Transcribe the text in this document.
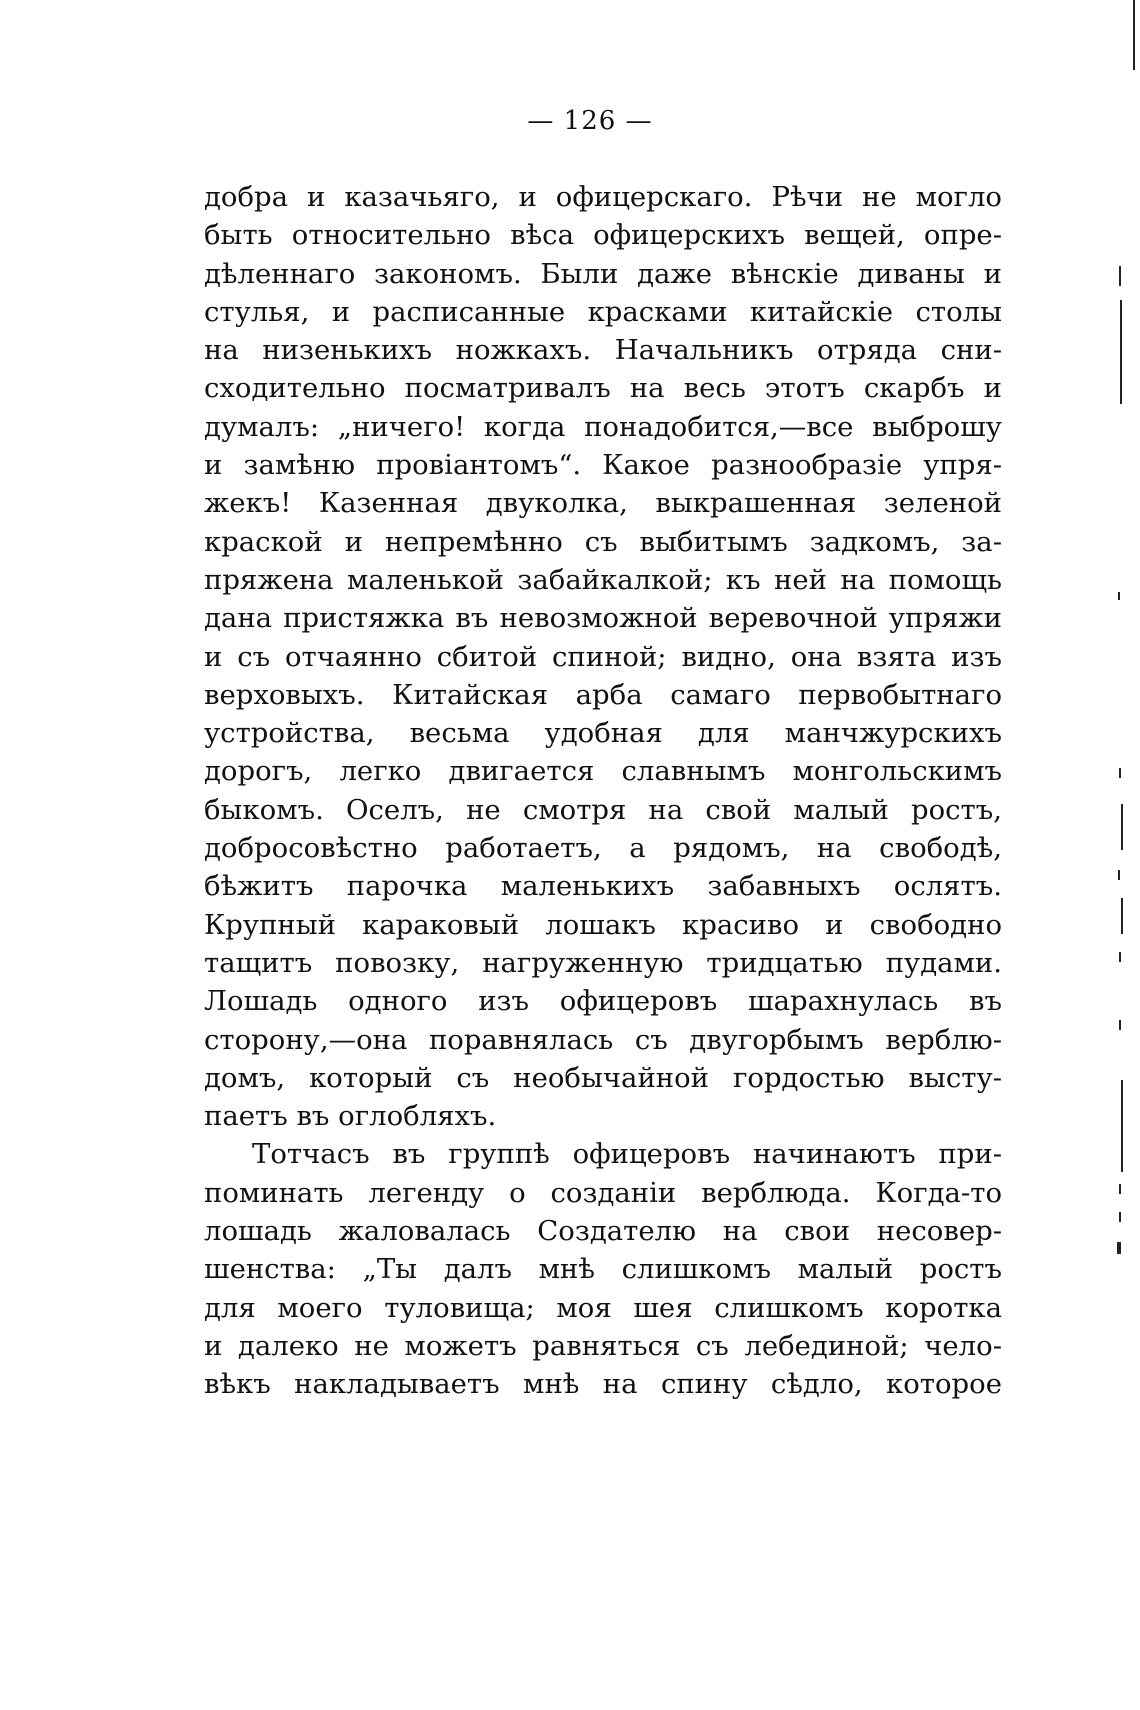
— 126 —
добра и казачьяго, и офицерскаго. Рѣчи не могло
быть относительно вѣса офицерскихъ вещей, опре-
дѣленнаго закономъ. Были даже вѣнскіе диваны и
стулья, и расписанные красками китайскіе столы
на низенькихъ ножкахъ. Начальникъ отряда сни-
сходительно посматривалъ на весь этотъ скарбъ и
думалъ: „ничего! когда понадобится,—все выброшу
и замѣню провіантомъ“. Какое разнообразіе упря-
жекъ! Казенная двуколка, выкрашенная зеленой
краской и непремѣнно съ выбитымъ задкомъ, за-
пряжена маленькой забайкалкой; къ ней на помощь
дана пристяжка въ невозможной веревочной упряжи
и съ отчаянно сбитой спиной; видно, она взята изъ
верховыхъ. Китайская арба самаго первобытнаго
устройства, весьма удобная для манчжурскихъ
дорогъ, легко двигается славнымъ монгольскимъ
быкомъ. Оселъ, не смотря на свой малый ростъ,
добросовѣстно работаетъ, а рядомъ, на свободѣ,
бѣжитъ парочка маленькихъ забавныхъ ослятъ.
Крупный караковый лошакъ красиво и свободно
тащитъ повозку, нагруженную тридцатью пудами.
Лошадь одного изъ офицеровъ шарахнулась въ
сторону,—она поравнялась съ двугорбымъ верблю-
домъ, который съ необычайной гордостью высту-
паетъ въ оглобляхъ.
Тотчасъ въ группѣ офицеровъ начинаютъ при-
поминать легенду о созданіи верблюда. Когда-то
лошадь жаловалась Создателю на свои несовер-
шенства: „Ты далъ мнѣ слишкомъ малый ростъ
для моего туловища; моя шея слишкомъ коротка
и далеко не можетъ равняться съ лебединой; чело-
вѣкъ накладываетъ мнѣ на спину сѣдло, которое
